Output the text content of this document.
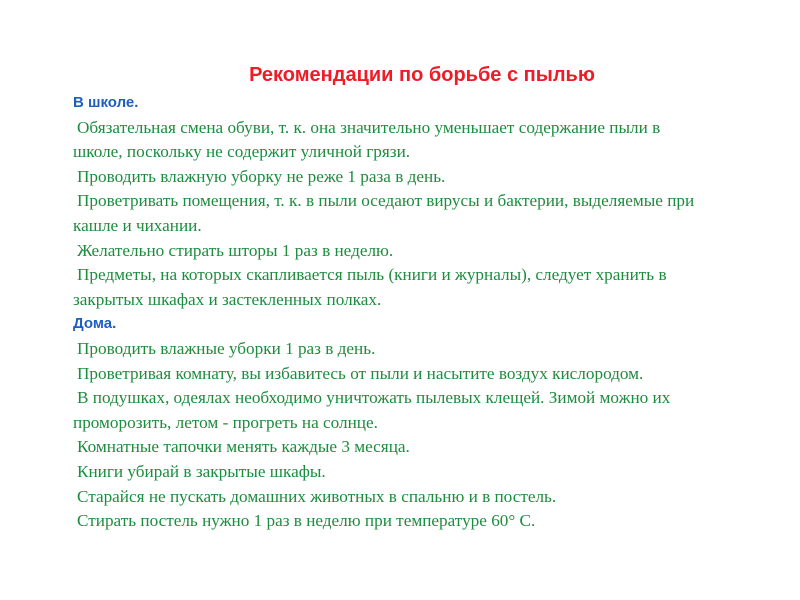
Рекомендации по борьбе с пылью
В школе.
Обязательная смена обуви, т. к. она значительно уменьшает содержание пыли в школе, поскольку не содержит уличной грязи.
Проводить влажную уборку не реже 1 раза в день.
Проветривать помещения, т. к. в пыли оседают вирусы и бактерии, выделяемые при кашле и чихании.
Желательно стирать шторы 1 раз в неделю.
Предметы, на которых скапливается пыль (книги и журналы), следует хранить в закрытых шкафах и застекленных полках.
Дома.
Проводить влажные уборки 1 раз в день.
Проветривая комнату, вы избавитесь от пыли и насытите воздух кислородом.
В подушках, одеялах необходимо уничтожать пылевых клещей. Зимой можно их проморозить, летом - прогреть на солнце.
Комнатные тапочки менять каждые 3 месяца.
Книги убирай в закрытые шкафы.
Старайся не пускать домашних животных в спальню и в постель.
Стирать постель нужно 1 раз в неделю при температуре 60° С.
